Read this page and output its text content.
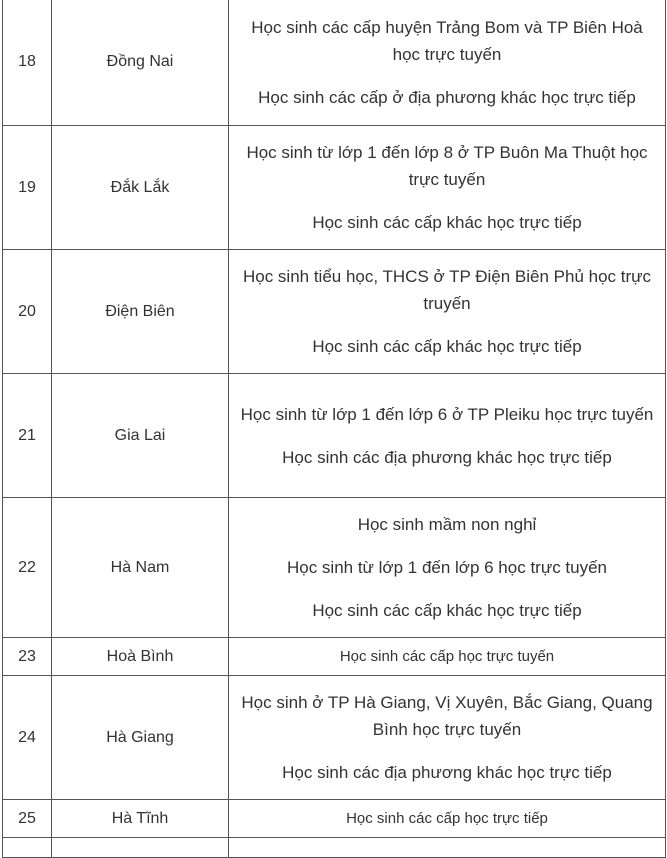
18	Đồng Nai	Học sinh các cấp huyện Trảng Bom và TP Biên Hoà học trực tuyến

Học sinh các cấp ở địa phương khác học trực tiếp

19	Đắk Lắk	Học sinh từ lớp 1 đến lớp 8 ở TP Buôn Ma Thuột học trực tuyến

Học sinh các cấp khác học trực tiếp

20	Điện Biên	Học sinh tiểu học, THCS ở TP Điện Biên Phủ học trực truyến

Học sinh các cấp khác học trực tiếp

21	Gia Lai	Học sinh từ lớp 1 đến lớp 6 ở TP Pleiku học trực tuyến

Học sinh các địa phương khác học trực tiếp

22	Hà Nam	Học sinh mầm non nghỉ

Học sinh từ lớp 1 đến lớp 6 học trực tuyến

Học sinh các cấp khác học trực tiếp

23	Hoà Bình	Học sinh các cấp học trực tuyến

24	Hà Giang	Học sinh ở TP Hà Giang, Vị Xuyên, Bắc Giang, Quang Bình học trực tuyến

Học sinh các địa phương khác học trực tiếp

25	Hà Tĩnh	Học sinh các cấp học trực tiếp
